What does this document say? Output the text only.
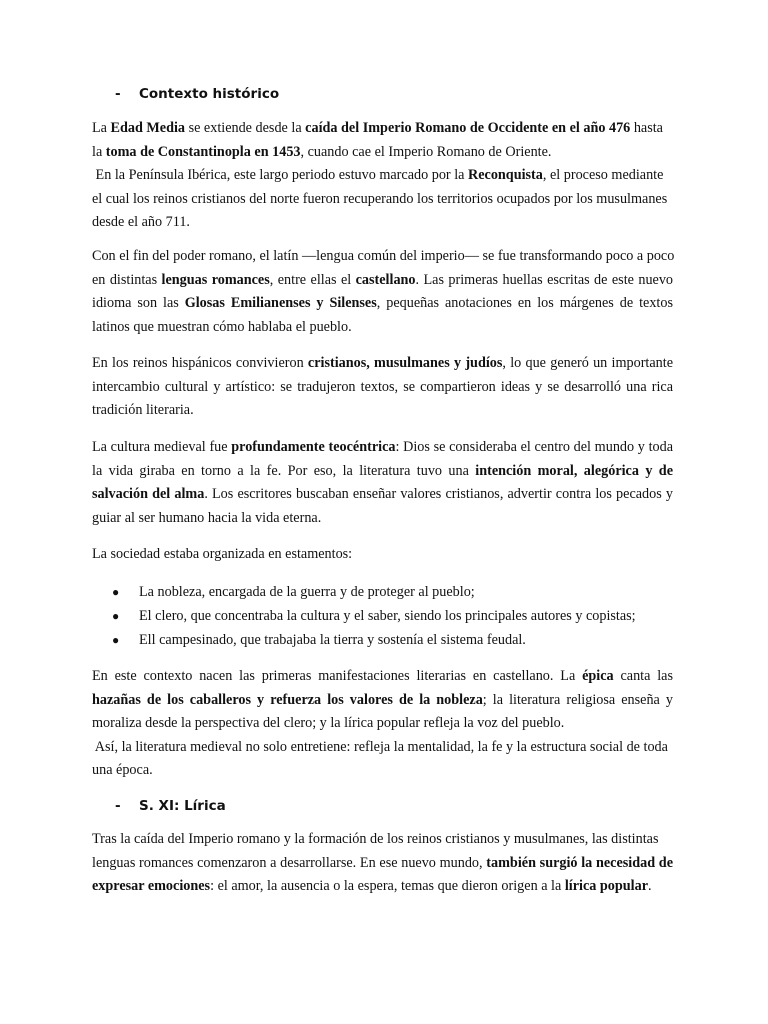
-	Contexto histórico
La Edad Media se extiende desde la caída del Imperio Romano de Occidente en el año 476 hasta
la toma de Constantinopla en 1453, cuando cae el Imperio Romano de Oriente.
En la Península Ibérica, este largo periodo estuvo marcado por la Reconquista, el proceso mediante
el cual los reinos cristianos del norte fueron recuperando los territorios ocupados por los musulmanes
desde el año 711.
Con el fin del poder romano, el latín —lengua común del imperio— se fue transformando poco a poco
en distintas lenguas romances, entre ellas el castellano. Las primeras huellas escritas de este nuevo
idioma son las Glosas Emilianenses y Silenses, pequeñas anotaciones en los márgenes de textos
latinos que muestran cómo hablaba el pueblo.
En los reinos hispánicos convivieron cristianos, musulmanes y judíos, lo que generó un importante
intercambio cultural y artístico: se tradujeron textos, se compartieron ideas y se desarrolló una rica
tradición literaria.
La cultura medieval fue profundamente teocéntrica: Dios se consideraba el centro del mundo y toda
la vida giraba en torno a la fe. Por eso, la literatura tuvo una intención moral, alegórica y de
salvación del alma. Los escritores buscaban enseñar valores cristianos, advertir contra los pecados y
guiar al ser humano hacia la vida eterna.
La sociedad estaba organizada en estamentos:
●	La nobleza, encargada de la guerra y de proteger al pueblo;
●	El clero, que concentraba la cultura y el saber, siendo los principales autores y copistas;
●	Ell campesinado, que trabajaba la tierra y sostenía el sistema feudal.
En este contexto nacen las primeras manifestaciones literarias en castellano. La épica canta las
hazañas de los caballeros y refuerza los valores de la nobleza; la literatura religiosa enseña y
moraliza desde la perspectiva del clero; y la lírica popular refleja la voz del pueblo.
Así, la literatura medieval no solo entretiene: refleja la mentalidad, la fe y la estructura social de toda
una época.
-	S. XI: Lírica
Tras la caída del Imperio romano y la formación de los reinos cristianos y musulmanes, las distintas
lenguas romances comenzaron a desarrollarse. En ese nuevo mundo, también surgió la necesidad de
expresar emociones: el amor, la ausencia o la espera, temas que dieron origen a la lírica popular.
